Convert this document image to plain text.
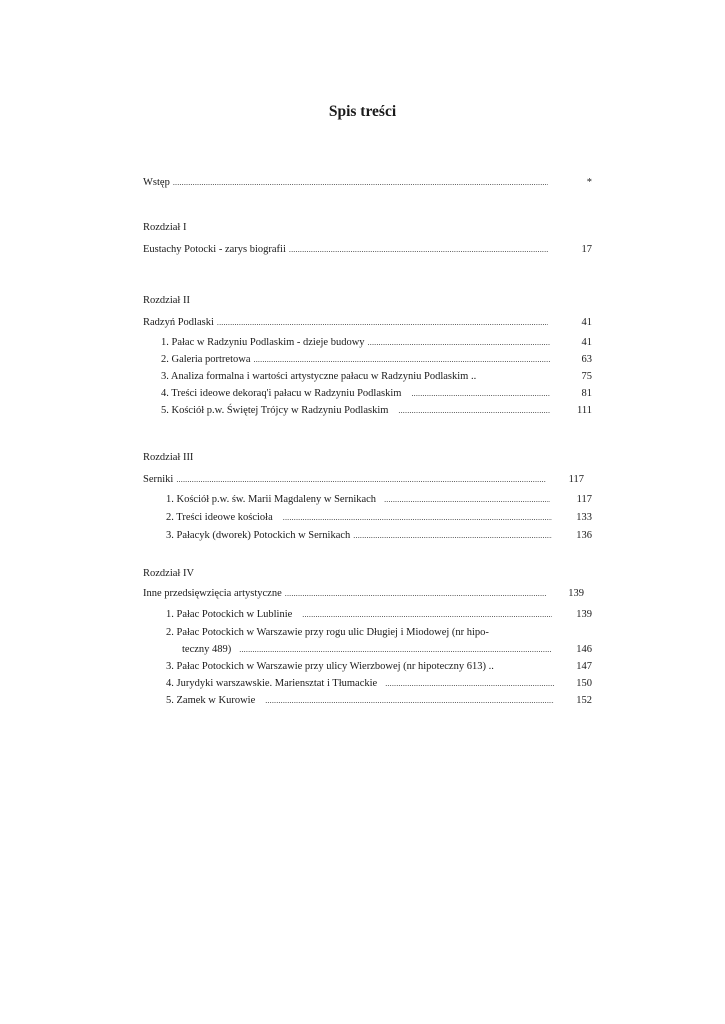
Spis treści
Wstęp .....	*
Rozdział I
Eustachy Potocki - zarys biografii .....	17
Rozdział II
Radzyń Podlaski .....	41
1. Pałac w Radzyniu Podlaskim - dzieje budowy .....	41
2. Galeria portretowa .....	63
3. Analiza formalna i wartości artystyczne pałacu w Radzyniu Podlaskim ..	75
4. Treści ideowe dekoraq'i pałacu w Radzyniu Podlaskim .....	81
5. Kościół p.w. Świętej Trójcy w Radzyniu Podlaskim .....	111
Rozdział III
Serniki .....	117
1. Kościół p.w. św. Marii Magdaleny w Sernikach .....	117
2. Treści ideowe kościoła .....	133
3. Pałacyk (dworek) Potockich w Sernikach .....	136
Rozdział IV
Inne przedsięwzięcia artystyczne .....	139
1. Pałac Potockich w Lublinie .....	139
2. Pałac Potockich w Warszawie przy rogu ulic Długiej i Miodowej (nr hipo-
teczny 489) .....	146
3. Pałac Potockich w Warszawie przy ulicy Wierzbowej (nr hipoteczny 613) ..	147
4. Jurydyki warszawskie. Mariensztat i Tłumackie .....	150
5. Zamek w Kurowie .....	152
